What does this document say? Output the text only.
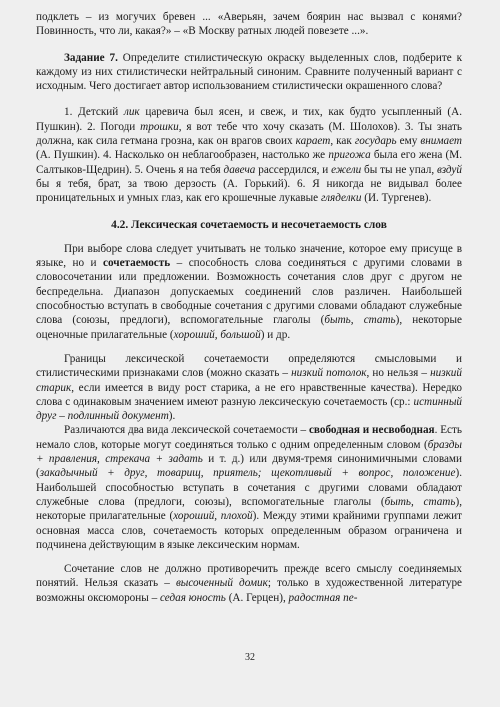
подклеть – из могучих бревен ... «Аверьян, зачем боярин нас вызвал с конями? Повинность, что ли, какая?» – «В Москву ратных людей повезете ...».

Задание 7. Определите стилистическую окраску выделенных слов, подберите к каждому из них стилистически нейтральный синоним. Сравните полученный вариант с исходным. Чего достигает автор использованием стилистически окрашенного слова?

1. Детский лик царевича был ясен, и свеж, и тих, как будто усыпленный (А. Пушкин). 2. Погоди трошки, я вот тебе что хочу сказать (М. Шолохов). 3. Ты знать должна, как сила гетмана грозна, как он врагов своих карает, как государь ему внимает (А. Пушкин). 4. Насколько он неблагообразен, настолько же пригожа была его жена (М. Салтыков-Щедрин). 5. Очень я на тебя давеча рассердился, и ежели бы ты не упал, вздуй бы я тебя, брат, за твою дерзость (А. Горький). 6. Я никогда не видывал более проницательных и умных глаз, как его крошечные лукавые гляделки (И. Тургенев).

4.2. Лексическая сочетаемость и несочетаемость слов

При выборе слова следует учитывать не только значение, которое ему присуще в языке, но и сочетаемость – способность слова соединяться с другими словами в словосочетании или предложении. Возможность сочетания слов друг с другом не беспредельна. Диапазон допускаемых соединений слов различен. Наибольшей способностью вступать в свободные сочетания с другими словами обладают служебные слова (союзы, предлоги), вспомогательные глаголы (быть, стать), некоторые оценочные прилагательные (хороший, большой) и др.

Границы лексической сочетаемости определяются смысловыми и стилистическими признаками слов (можно сказать – низкий потолок, но нельзя – низкий старик, если имеется в виду рост старика, а не его нравственные качества). Нередко слова с одинаковым значением имеют разную лексическую сочетаемость (ср.: истинный друг – подлинный документ).

Различаются два вида лексической сочетаемости – свободная и несвободная. Есть немало слов, которые могут соединяться только с одним определенным словом (бразды + правления, стрекача + задать и т. д.) или двумя-тремя синонимичными словами (закадычный + друг, товарищ, приятель; щекотливый + вопрос, положение). Наибольшей способностью вступать в сочетания с другими словами обладают служебные слова (предлоги, союзы), вспомогательные глаголы (быть, стать), некоторые прилагательные (хороший, плохой). Между этими крайними группами лежит основная масса слов, сочетаемость которых определенным образом ограничена и подчинена действующим в языке лексическим нормам.

Сочетание слов не должно противоречить прежде всего смыслу соединяемых понятий. Нельзя сказать – высоченный домик; только в художественной литературе возможны оксюмороны – седая юность (А. Герцен), радостная пе-

32
